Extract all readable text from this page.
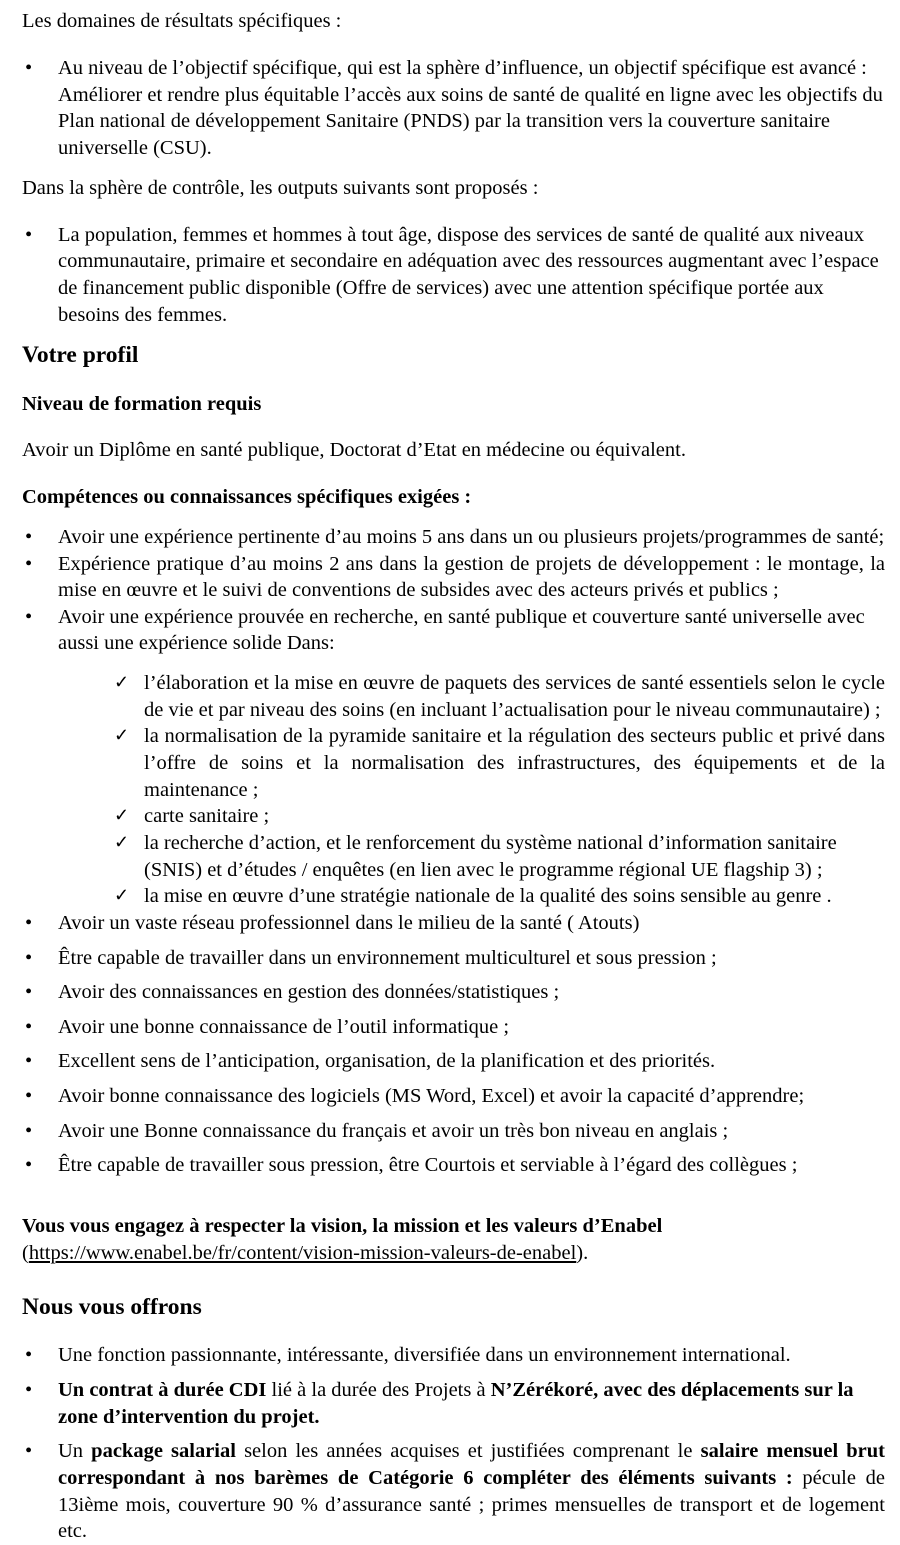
Les domaines de résultats spécifiques :

• Au niveau de l’objectif spécifique, qui est la sphère d’influence, un objectif spécifique est avancé : Améliorer et rendre plus équitable l’accès aux soins de santé de qualité en ligne avec les objectifs du Plan national de développement Sanitaire (PNDS) par la transition vers la couverture sanitaire universelle (CSU).

Dans la sphère de contrôle, les outputs suivants sont proposés :

• La population, femmes et hommes à tout âge, dispose des services de santé de qualité aux niveaux communautaire, primaire et secondaire en adéquation avec des ressources augmentant avec l’espace de financement public disponible (Offre de services) avec une attention spécifique portée aux besoins des femmes.
Votre profil
Niveau de formation requis

Avoir un Diplôme en santé publique, Doctorat d’Etat en médecine ou équivalent.

Compétences ou connaissances spécifiques exigées :
• Avoir une expérience pertinente d’au moins 5 ans dans un ou plusieurs projets/programmes de santé;
• Expérience pratique d’au moins 2 ans dans la gestion de projets de développement : le montage, la mise en œuvre et le suivi de conventions de subsides avec des acteurs privés et publics ;
• Avoir une expérience prouvée en recherche, en santé publique et couverture santé universelle avec aussi une expérience solide Dans:
✓ l’élaboration et la mise en œuvre de paquets des services de santé essentiels selon le cycle de vie et par niveau des soins (en incluant l’actualisation pour le niveau communautaire) ;
✓ la normalisation de la pyramide sanitaire et la régulation des secteurs public et privé dans l’offre de soins et la normalisation des infrastructures, des équipements et de la maintenance ;
✓ carte sanitaire ;
✓ la recherche d’action, et le renforcement du système national d’information sanitaire (SNIS) et d’études / enquêtes (en lien avec le programme régional UE flagship 3) ;
✓ la mise en œuvre d’une stratégie nationale de la qualité des soins sensible au genre .
• Avoir un vaste réseau professionnel dans le milieu de la santé ( Atouts)
• Être capable de travailler dans un environnement multiculturel et sous pression ;
• Avoir des connaissances en gestion des données/statistiques ;
• Avoir une bonne connaissance de l’outil informatique ;
• Excellent sens de l’anticipation, organisation, de la planification et des priorités.
• Avoir bonne connaissance des logiciels (MS Word, Excel) et avoir la capacité d’apprendre;
• Avoir une Bonne connaissance du français et avoir un très bon niveau en anglais ;
• Être capable de travailler sous pression, être Courtois et serviable à l’égard des collègues ;

Vous vous engagez à respecter la vision, la mission et les valeurs d’Enabel

(https://www.enabel.be/fr/content/vision-mission-valeurs-de-enabel).

Nous vous offrons
• Une fonction passionnante, intéressante, diversifiée dans un environnement international.
• Un contrat à durée CDI lié à la durée des Projets à N’Zérékoré, avec des déplacements sur la zone d’intervention du projet.
• Un package salarial selon les années acquises et justifiées comprenant le salaire mensuel brut correspondant à nos barèmes de Catégorie 6 compléter des éléments suivants : pécule de 13ième mois, couverture 90 % d’assurance santé ; primes mensuelles de transport et de logement etc.
